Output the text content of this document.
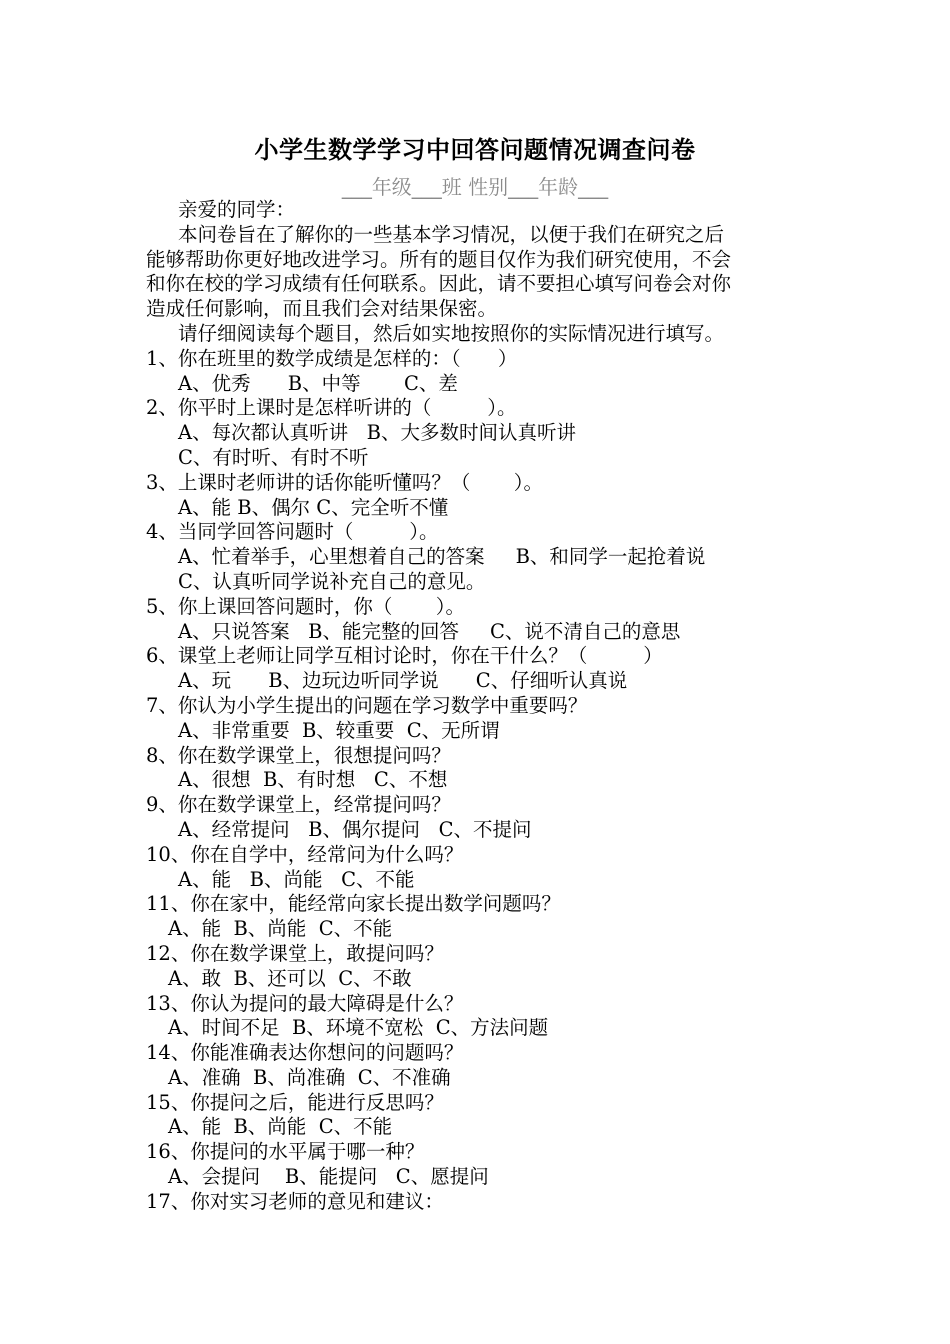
小学生数学学习中回答问题情况调查问卷
___年级___班 性别___年龄___
亲爱的同学：
本问卷旨在了解你的一些基本学习情况，以便于我们在研究之后
能够帮助你更好地改进学习。所有的题目仅作为我们研究使用，不会
和你在校的学习成绩有任何联系。因此，请不要担心填写问卷会对你
造成任何影响，而且我们会对结果保密。
请仔细阅读每个题目，然后如实地按照你的实际情况进行填写。
1、你在班里的数学成绩是怎样的：（      ）
A、优秀      B、中等       C、差
2、你平时上课时是怎样听讲的（         ）。
A、每次都认真听讲   B、大多数时间认真听讲
C、有时听、有时不听
3、上课时老师讲的话你能听懂吗？（       ）。
A、能 B、偶尔 C、完全听不懂
4、当同学回答问题时（         ）。
A、忙着举手，心里想着自己的答案     B、和同学一起抢着说
C、认真听同学说补充自己的意见。
5、你上课回答问题时，你（       ）。
A、只说答案   B、能完整的回答     C、说不清自己的意思
6、课堂上老师让同学互相讨论时，你在干什么？（         ）
A、玩      B、边玩边听同学说      C、仔细听认真说
7、你认为小学生提出的问题在学习数学中重要吗？
A、非常重要  B、较重要  C、无所谓
8、你在数学课堂上，很想提问吗？
A、很想  B、有时想   C、不想
9、你在数学课堂上，经常提问吗？
A、经常提问   B、偶尔提问   C、不提问
10、你在自学中，经常问为什么吗？
A、能   B、尚能   C、不能
11、你在家中，能经常向家长提出数学问题吗？
A、能  B、尚能  C、不能
12、你在数学课堂上，敢提问吗？
A、敢  B、还可以  C、不敢
13、你认为提问的最大障碍是什么？
A、时间不足  B、环境不宽松  C、方法问题
14、你能准确表达你想问的问题吗？
A、准确  B、尚准确  C、不准确
15、你提问之后，能进行反思吗？
A、能  B、尚能  C、不能
16、你提问的水平属于哪一种？
A、会提问    B、能提问   C、愿提问
17、你对实习老师的意见和建议：
